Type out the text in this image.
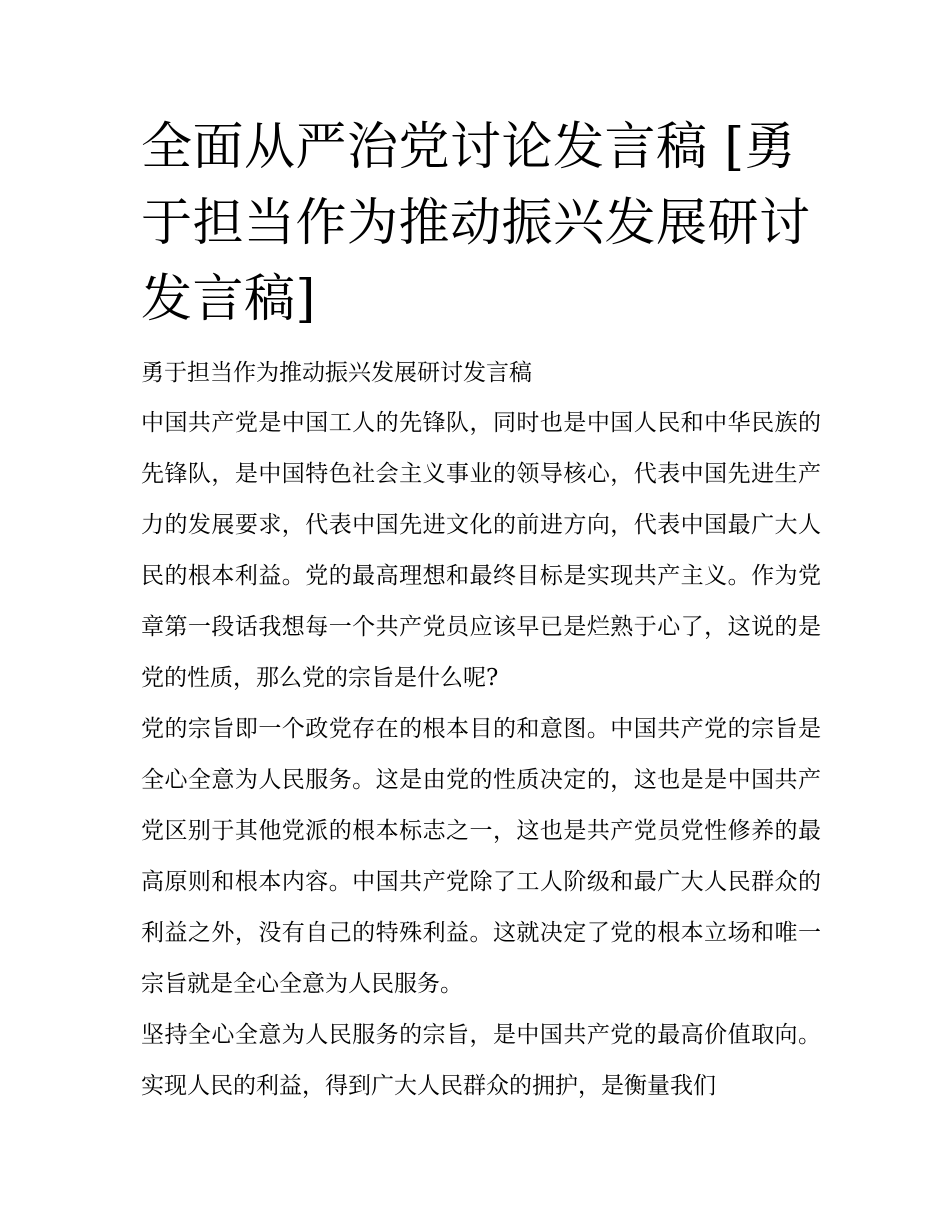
全面从严治党讨论发言稿 [勇于担当作为推动振兴发展研讨发言稿]

勇于担当作为推动振兴发展研讨发言稿

中国共产党是中国工人的先锋队，同时也是中国人民和中华民族的先锋队，是中国特色社会主义事业的领导核心，代表中国先进生产力的发展要求，代表中国先进文化的前进方向，代表中国最广大人民的根本利益。党的最高理想和最终目标是实现共产主义。作为党章第一段话我想每一个共产党员应该早已是烂熟于心了，这说的是党的性质，那么党的宗旨是什么呢?

党的宗旨即一个政党存在的根本目的和意图。中国共产党的宗旨是全心全意为人民服务。这是由党的性质决定的，这也是是中国共产党区别于其他党派的根本标志之一，这也是共产党员党性修养的最高原则和根本内容。中国共产党除了工人阶级和最广大人民群众的利益之外，没有自己的特殊利益。这就决定了党的根本立场和唯一宗旨就是全心全意为人民服务。

坚持全心全意为人民服务的宗旨，是中国共产党的最高价值取向。实现人民的利益，得到广大人民群众的拥护，是衡量我们
